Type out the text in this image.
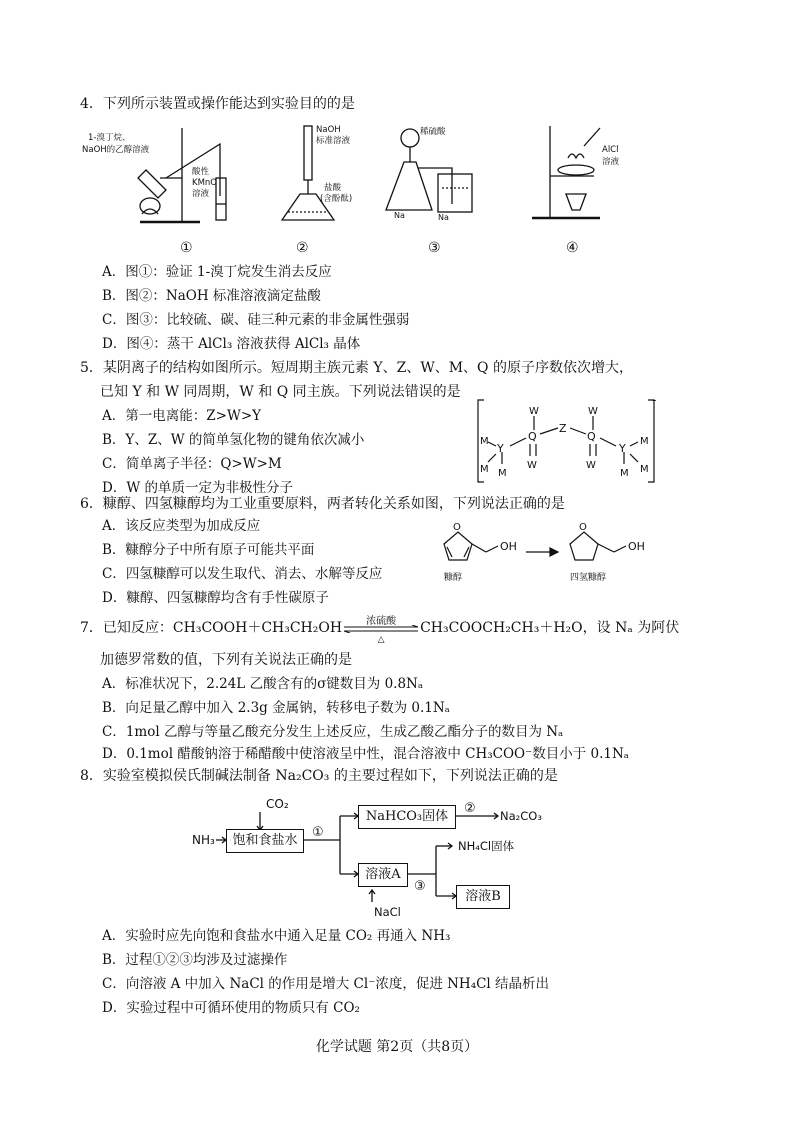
4．下列所示装置或操作能达到实验目的的是
1-溴丁烷、
NaOH的乙醇溶液
酸性
KMnO
溶液
NaOH
标准溶液
盐酸
(含酚酞)
稀硫酸
Na	Na
AlCl
溶液
①	②	③	④
A．图①：验证 1-溴丁烷发生消去反应
B．图②：NaOH 标准溶液滴定盐酸
C．图③：比较硫、碳、硅三种元素的非金属性强弱
D．图④：蒸干 AlCl₃ 溶液获得 AlCl₃ 晶体
5．某阴离子的结构如图所示。短周期主族元素 Y、Z、W、M、Q 的原子序数依次增大，
已知 Y 和 W 同周期，W 和 Q 同主族。下列说法错误的是
A．第一电离能：Z>W>Y
B．Y、Z、W 的简单氢化物的键角依次减小
C．简单离子半径：Q>W>M
D．W 的单质一定为非极性分子
W
Q
W
Z
W
Q
W
Y	Y
M
M M
M
M
M
-
6．糠醇、四氢糠醇均为工业重要原料，两者转化关系如图，下列说法正确的是
A．该反应类型为加成反应
B．糠醇分子中所有原子可能共平面
C．四氢糠醇可以发生取代、消去、水解等反应
D．糠醇、四氢糠醇均含有手性碳原子
O
OH
O
OH
糠醇	四氢糠醇
7．已知反应：CH₃COOH＋CH₃CH₂OH	浓硫酸
△
CH₃COOCH₂CH₃＋H₂O，设 Nₐ 为阿伏
加德罗常数的值，下列有关说法正确的是
A．标准状况下，2.24L 乙酸含有的σ键数目为 0.8Nₐ
B．向足量乙醇中加入 2.3g 金属钠，转移电子数为 0.1Nₐ
C．1mol 乙醇与等量乙酸充分发生上述反应，生成乙酸乙酯分子的数目为 Nₐ
D．0.1mol 醋酸钠溶于稀醋酸中使溶液呈中性，混合溶液中 CH₃COO⁻数目小于 0.1Nₐ
8．实验室模拟侯氏制碱法制备 Na₂CO₃ 的主要过程如下，下列说法正确的是
NH₃
CO₂
①
② Na₂CO₃
NH₄Cl固体
③
NaCl
饱和食盐水
NaHCO₃固体
溶液A
溶液B
A．实验时应先向饱和食盐水中通入足量 CO₂ 再通入 NH₃
B．过程①②③均涉及过滤操作
C．向溶液 A 中加入 NaCl 的作用是增大 Cl⁻浓度，促进 NH₄Cl 结晶析出
D．实验过程中可循环使用的物质只有 CO₂
化学试题 第2页（共8页）
